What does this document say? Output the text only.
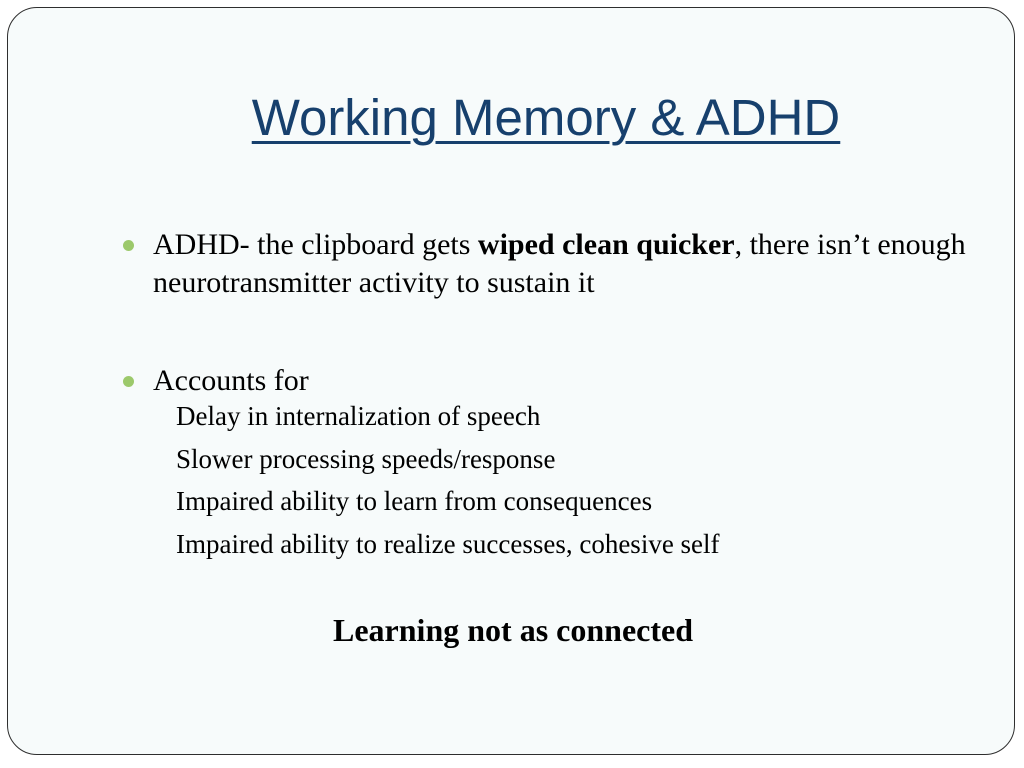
Working Memory & ADHD
ADHD- the clipboard gets wiped clean quicker, there isn’t enough neurotransmitter activity to sustain it
Accounts for
Delay in internalization of speech
Slower processing speeds/response
Impaired ability to learn from consequences
Impaired ability to realize successes, cohesive self
Learning not as connected
